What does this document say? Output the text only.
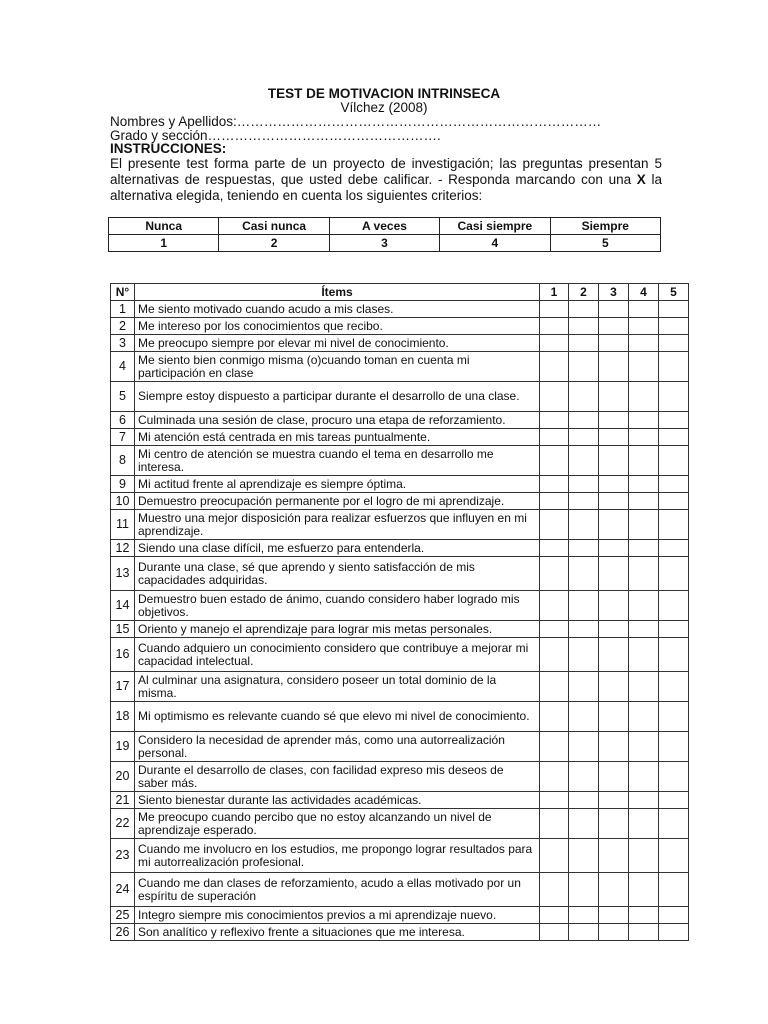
TEST DE MOTIVACION INTRINSECA
Vílchez (2008)
Nombres y Apellidos:………………………………………………………………………
Grado y sección…………………………………………….
INSTRUCCIONES:
El presente test forma parte de un proyecto de investigación; las preguntas presentan 5 alternativas de respuestas, que usted debe calificar. - Responda marcando con una X la alternativa elegida, teniendo en cuenta los siguientes criterios:
Nunca	Casi nunca	A veces	Casi siempre	Siempre
1	2	3	4	5
N°	Ítems	1	2	3	4	5
1	Me siento motivado cuando acudo a mis clases.					
2	Me intereso por los conocimientos que recibo.					
3	Me preocupo siempre por elevar mi nivel de conocimiento.					
4	Me siento bien conmigo misma (o)cuando toman en cuenta mi participación en clase					
5	Siempre estoy dispuesto a participar durante el desarrollo de una clase.					
6	Culminada una sesión de clase, procuro una etapa de reforzamiento.					
7	Mi atención está centrada en mis tareas puntualmente.					
8	Mi centro de atención se muestra cuando el tema en desarrollo me interesa.					
9	Mi actitud frente al aprendizaje es siempre óptima.					
10	Demuestro preocupación permanente por el logro de mi aprendizaje.					
11	Muestro una mejor disposición para realizar esfuerzos que influyen en mi aprendizaje.					
12	Siendo una clase difícil, me esfuerzo para entenderla.					
13	Durante una clase, sé que aprendo y siento satisfacción de mis capacidades adquiridas.					
14	Demuestro buen estado de ánimo, cuando considero haber logrado mis objetivos.					
15	Oriento y manejo el aprendizaje para lograr mis metas personales.					
16	Cuando adquiero un conocimiento considero que contribuye a mejorar mi capacidad intelectual.					
17	Al culminar una asignatura, considero poseer un total dominio de la misma.					
18	Mi optimismo es relevante cuando sé que elevo mi nivel de conocimiento.					
19	Considero la necesidad de aprender más, como una autorrealización personal.					
20	Durante el desarrollo de clases, con facilidad expreso mis deseos de saber más.					
21	Siento bienestar durante las actividades académicas.					
22	Me preocupo cuando percibo que no estoy alcanzando un nivel de aprendizaje esperado.					
23	Cuando me involucro en los estudios, me propongo lograr resultados para mi autorrealización profesional.					
24	Cuando me dan clases de reforzamiento, acudo a ellas motivado por un espíritu de superación					
25	Integro siempre mis conocimientos previos a mi aprendizaje nuevo.					
26	Son analítico y reflexivo frente a situaciones que me interesa.					
